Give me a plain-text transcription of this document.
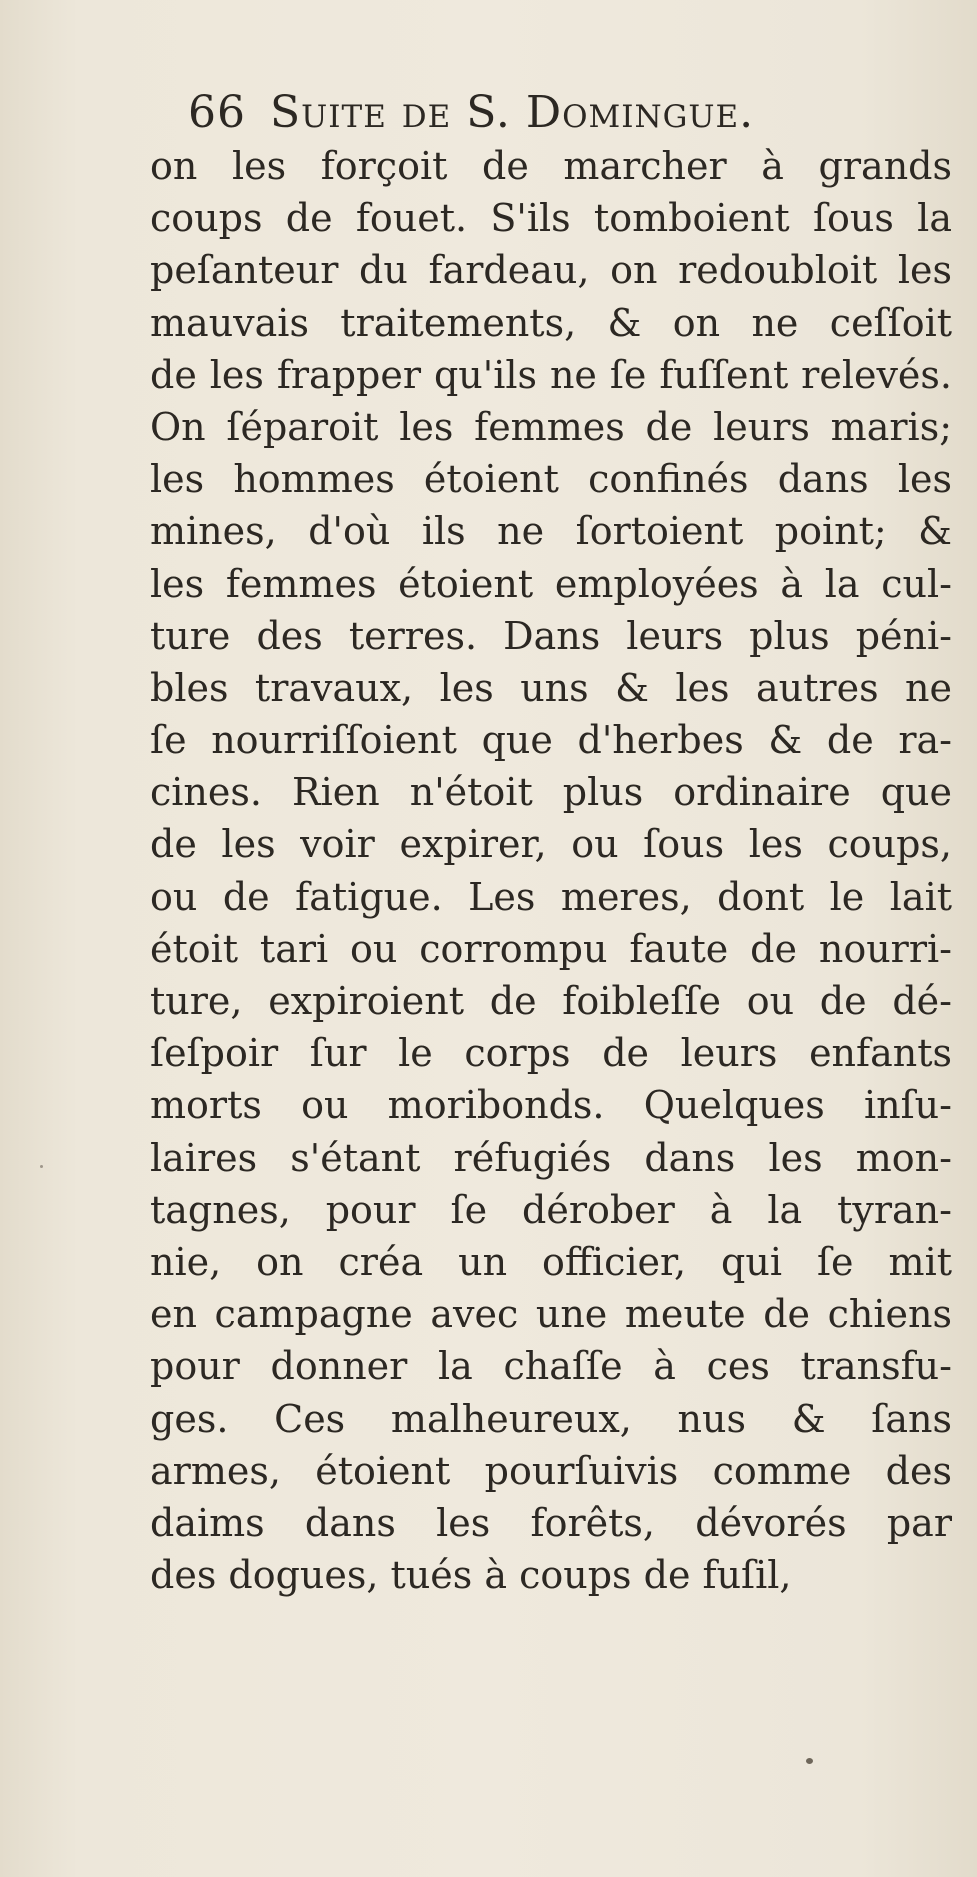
66 Suite de S. Domingue.
on les forçoit de marcher à grands
coups de fouet. S'ils tomboient ſous la
peſanteur du fardeau, on redoubloit les
mauvais traitements, & on ne ceſſoit
de les frapper qu'ils ne ſe fuſſent relevés.
On ſéparoit les femmes de leurs maris;
les hommes étoient confinés dans les
mines, d'où ils ne ſortoient point; &
les femmes étoient employées à la cul-
ture des terres. Dans leurs plus péni-
bles travaux, les uns & les autres ne
ſe nourriſſoient que d'herbes & de ra-
cines. Rien n'étoit plus ordinaire que
de les voir expirer, ou ſous les coups,
ou de fatigue. Les meres, dont le lait
étoit tari ou corrompu faute de nourri-
ture, expiroient de foibleſſe ou de dé-
ſeſpoir ſur le corps de leurs enfants
morts ou moribonds. Quelques inſu-
laires s'étant réfugiés dans les mon-
tagnes, pour ſe dérober à la tyran-
nie, on créa un officier, qui ſe mit
en campagne avec une meute de chiens
pour donner la chaſſe à ces transfu-
ges. Ces malheureux, nus & ſans
armes, étoient pourſuivis comme des
daims dans les forêts, dévorés par
des dogues, tués à coups de fuſil,
